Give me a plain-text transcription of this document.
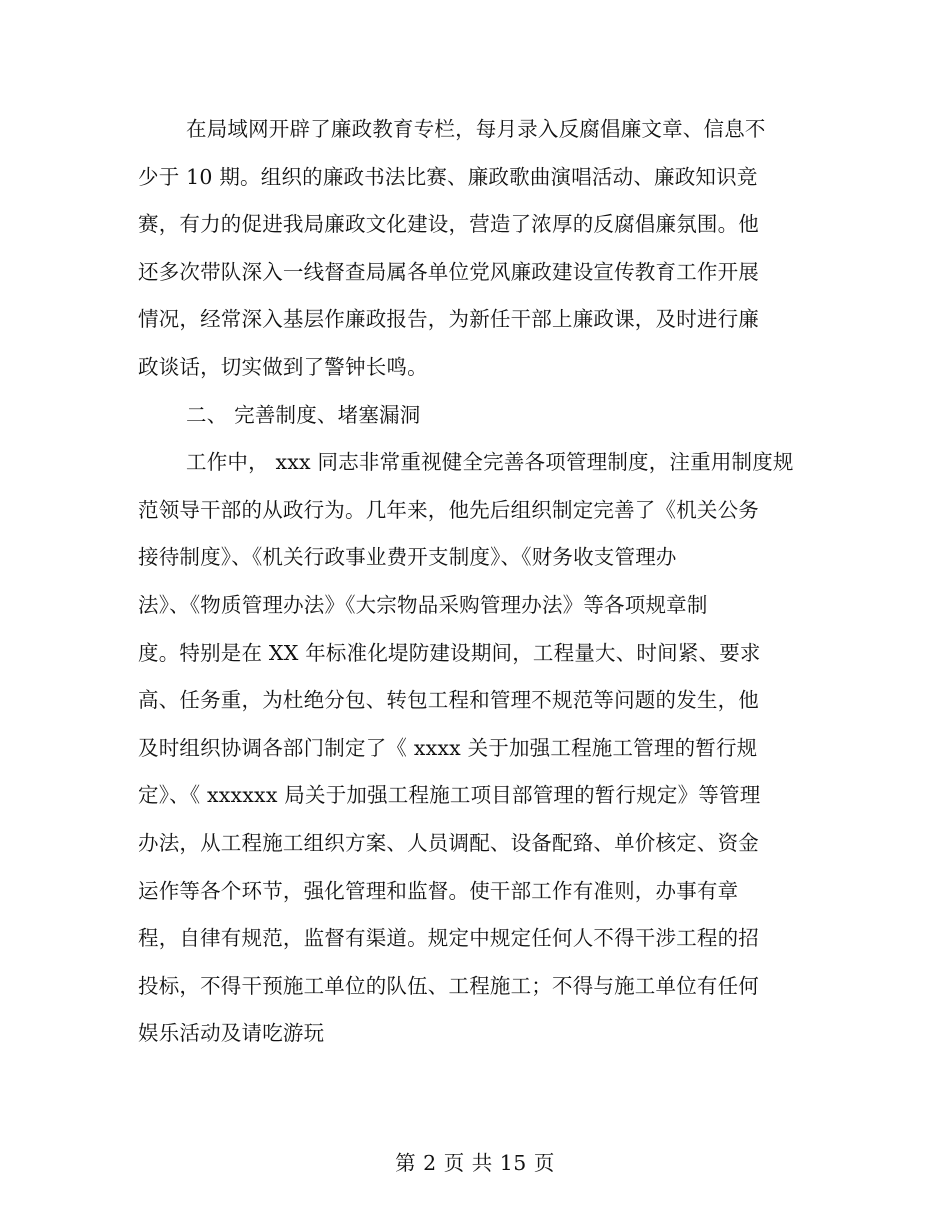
在局域网开辟了廉政教育专栏，每月录入反腐倡廉文章、信息不
少于 10 期。组织的廉政书法比赛、廉政歌曲演唱活动、廉政知识竞
赛，有力的促进我局廉政文化建设，营造了浓厚的反腐倡廉氛围。他
还多次带队深入一线督查局属各单位党风廉政建设宣传教育工作开展
情况，经常深入基层作廉政报告，为新任干部上廉政课，及时进行廉
政谈话，切实做到了警钟长鸣。
二、 完善制度、堵塞漏洞
工作中， xxx 同志非常重视健全完善各项管理制度，注重用制度规
范领导干部的从政行为。几年来，他先后组织制定完善了《机关公务
接待制度》、《机关行政事业费开支制度》、《财务收支管理办
法》、《物质管理办法》《大宗物品采购管理办法》等各项规章制
度。特别是在 XX 年标准化堤防建设期间，工程量大、时间紧、要求
高、任务重，为杜绝分包、转包工程和管理不规范等问题的发生，他
及时组织协调各部门制定了《 xxxx 关于加强工程施工管理的暂行规
定》、《 xxxxxx 局关于加强工程施工项目部管理的暂行规定》等管理
办法，从工程施工组织方案、人员调配、设备配臵、单价核定、资金
运作等各个环节，强化管理和监督。使干部工作有准则，办事有章
程，自律有规范，监督有渠道。规定中规定任何人不得干涉工程的招
投标，不得干预施工单位的队伍、工程施工；不得与施工单位有任何
娱乐活动及请吃游玩
第 2 页 共 15 页
